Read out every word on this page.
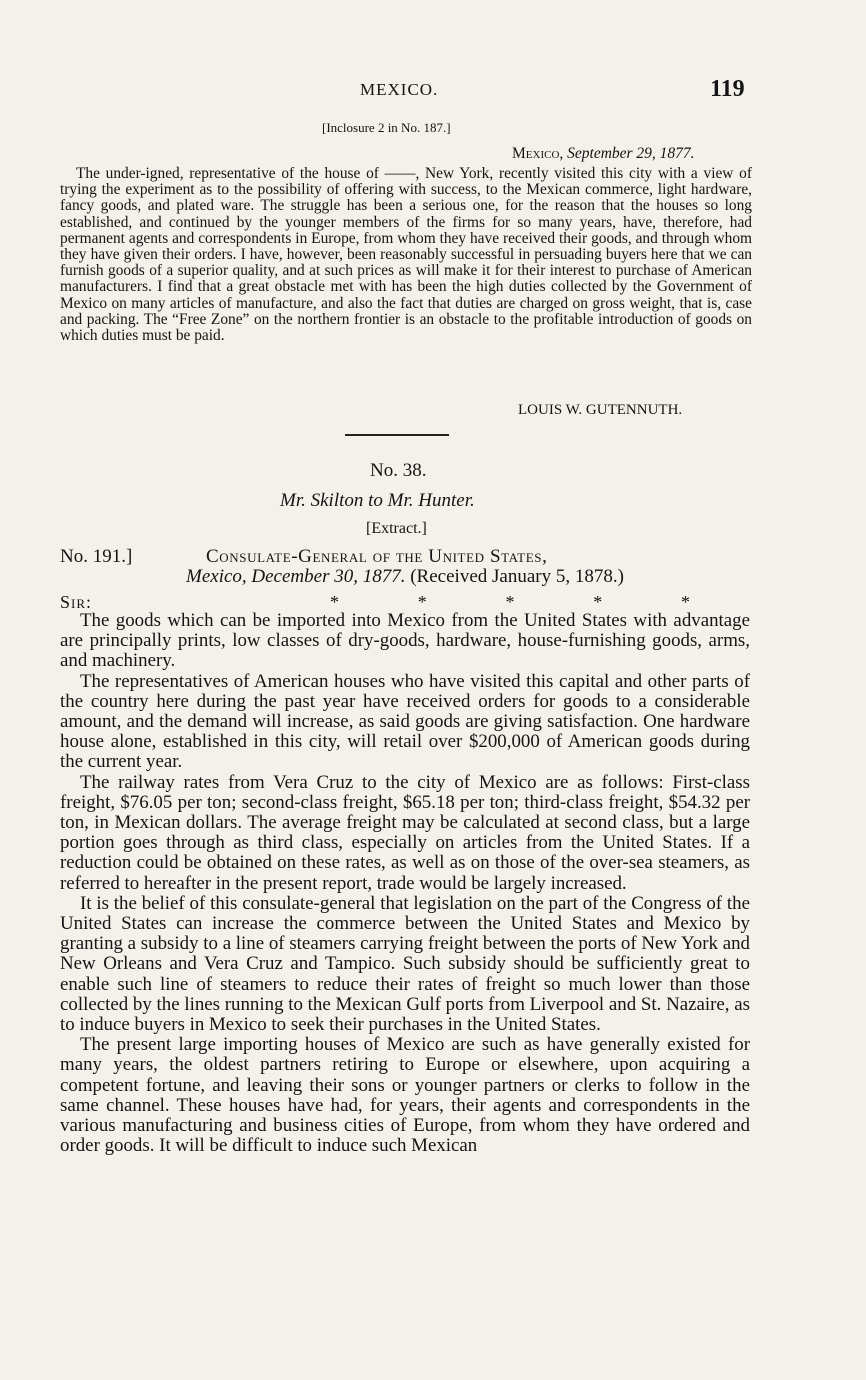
MEXICO.	119
[Inclosure 2 in No. 187.]
Mexico, September 29, 1877.

The under-igned, representative of the house of ——, New York, recently visited this city with a view of trying the experiment as to the possibility of offering with success, to the Mexican commerce, light hardware, fancy goods, and plated ware. The struggle has been a serious one, for the reason that the houses so long established, and continued by the younger members of the firms for so many years, have, therefore, had permanent agents and correspondents in Europe, from whom they have received their goods, and through whom they have given their orders. I have, however, been reasonably successful in persuading buyers here that we can furnish goods of a superior quality, and at such prices as will make it for their interest to purchase of American manufacturers. I find that a great obstacle met with has been the high duties collected by the Government of Mexico on many articles of manufacture, and also the fact that duties are charged on gross weight, that is, case and packing. The “Free Zone” on the northern frontier is an obstacle to the profitable introduction of goods on which duties must be paid.

LOUIS W. GUTENNUTH.
No. 38.
Mr. Skilton to Mr. Hunter.
[Extract.]
No. 191.]	Consulate-General of the United States,
Mexico, December 30, 1877. (Received January 5, 1878.)
Sir:	*	*	*	*	*

The goods which can be imported into Mexico from the United States with advantage are principally prints, low classes of dry-goods, hardware, house-furnishing goods, arms, and machinery.

The representatives of American houses who have visited this capital and other parts of the country here during the past year have received orders for goods to a considerable amount, and the demand will increase, as said goods are giving satisfaction. One hardware house alone, established in this city, will retail over $200,000 of American goods during the current year.

The railway rates from Vera Cruz to the city of Mexico are as follows: First-class freight, $76.05 per ton; second-class freight, $65.18 per ton; third-class freight, $54.32 per ton, in Mexican dollars. The average freight may be calculated at second class, but a large portion goes through as third class, especially on articles from the United States. If a reduction could be obtained on these rates, as well as on those of the over-sea steamers, as referred to hereafter in the present report, trade would be largely increased.

It is the belief of this consulate-general that legislation on the part of the Congress of the United States can increase the commerce between the United States and Mexico by granting a subsidy to a line of steamers carrying freight between the ports of New York and New Orleans and Vera Cruz and Tampico. Such subsidy should be sufficiently great to enable such line of steamers to reduce their rates of freight so much lower than those collected by the lines running to the Mexican Gulf ports from Liverpool and St. Nazaire, as to induce buyers in Mexico to seek their purchases in the United States.

The present large importing houses of Mexico are such as have generally existed for many years, the oldest partners retiring to Europe or elsewhere, upon acquiring a competent fortune, and leaving their sons or younger partners or clerks to follow in the same channel. These houses have had, for years, their agents and correspondents in the various manufacturing and business cities of Europe, from whom they have ordered and order goods. It will be difficult to induce such Mexican
